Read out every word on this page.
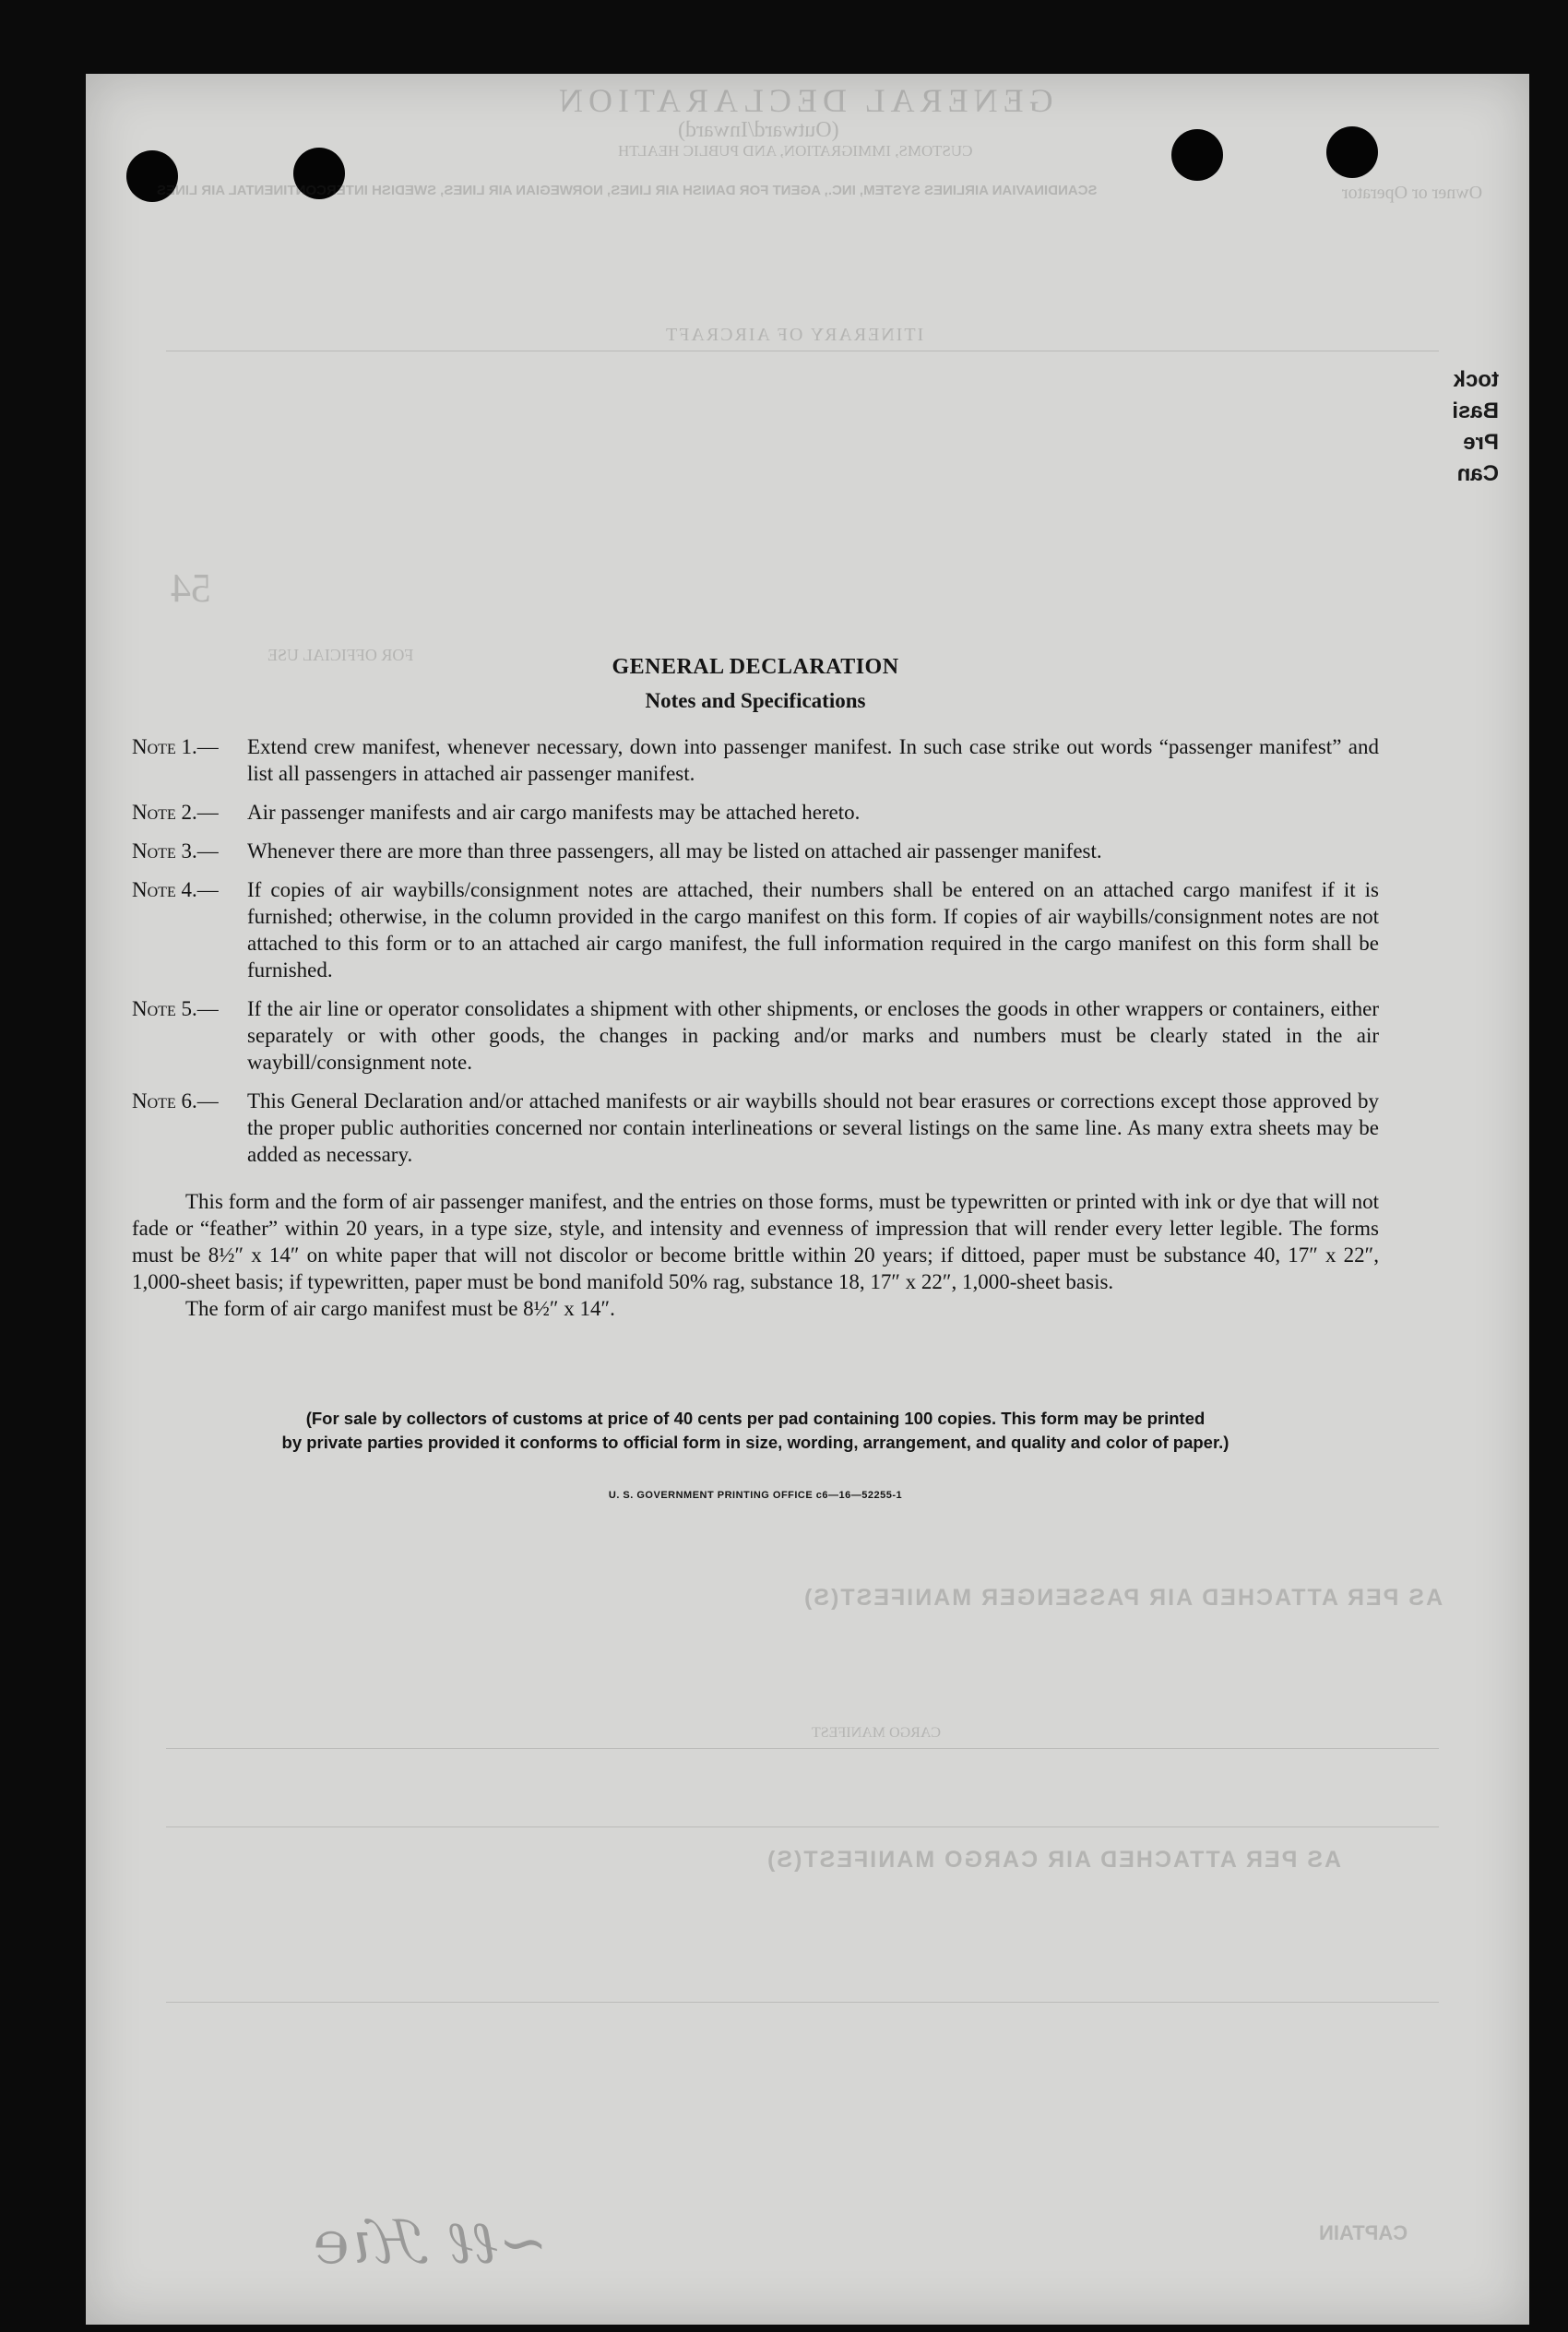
GENERAL DECLARATION
(Outward/Inward)
CUSTOMS, IMMIGRATION, AND PUBLIC HEALTH
SCANDINAVIAN AIRLINES SYSTEM, INC., AGENT FOR DANISH AIR LINES, NORWEGIAN AIR LINES, SWEDISH INTERCONTINENTAL AIR LINES	Owner or Operator
ITINERARY OF AIRCRAFT
54
FOR OFFICIAL USE
AS PER ATTACHED AIR PASSENGER MANIFEST(S)
CARGO MANIFEST
AS PER ATTACHED AIR CARGO MANIFEST(S)
CAPTAIN
tock
Basi
Pre
Can
GENERAL DECLARATION
Notes and Specifications
Note 1.—	Extend crew manifest, whenever necessary, down into passenger manifest. In such case strike out words “passenger manifest” and list all passengers in attached air passenger manifest.
Note 2.—	Air passenger manifests and air cargo manifests may be attached hereto.
Note 3.—	Whenever there are more than three passengers, all may be listed on attached air passenger manifest.
Note 4.—	If copies of air waybills/consignment notes are attached, their numbers shall be entered on an attached cargo manifest if it is furnished; otherwise, in the column provided in the cargo manifest on this form. If copies of air waybills/consignment notes are not attached to this form or to an attached air cargo manifest, the full information required in the cargo manifest on this form shall be furnished.
Note 5.—	If the air line or operator consolidates a shipment with other shipments, or encloses the goods in other wrappers or containers, either separately or with other goods, the changes in packing and/or marks and numbers must be clearly stated in the air waybill/consignment note.
Note 6.—	This General Declaration and/or attached manifests or air waybills should not bear erasures or corrections except those approved by the proper public authorities concerned nor contain interlineations or several listings on the same line. As many extra sheets may be added as necessary.
This form and the form of air passenger manifest, and the entries on those forms, must be typewritten or printed with ink or dye that will not fade or “feather” within 20 years, in a type size, style, and intensity and evenness of impression that will render every letter legible. The forms must be 8½″ x 14″ on white paper that will not discolor or become brittle within 20 years; if dittoed, paper must be substance 40, 17″ x 22″, 1,000-sheet basis; if typewritten, paper must be bond manifold 50% rag, substance 18, 17″ x 22″, 1,000-sheet basis.
The form of air cargo manifest must be 8½″ x 14″.
(For sale by collectors of customs at price of 40 cents per pad containing 100 copies. This form may be printed
by private parties provided it conforms to official form in size, wording, arrangement, and quality and color of paper.)
U. S. GOVERNMENT PRINTING OFFICE c6—16—52255-1
~ℓℓ ℋꙇ℮
